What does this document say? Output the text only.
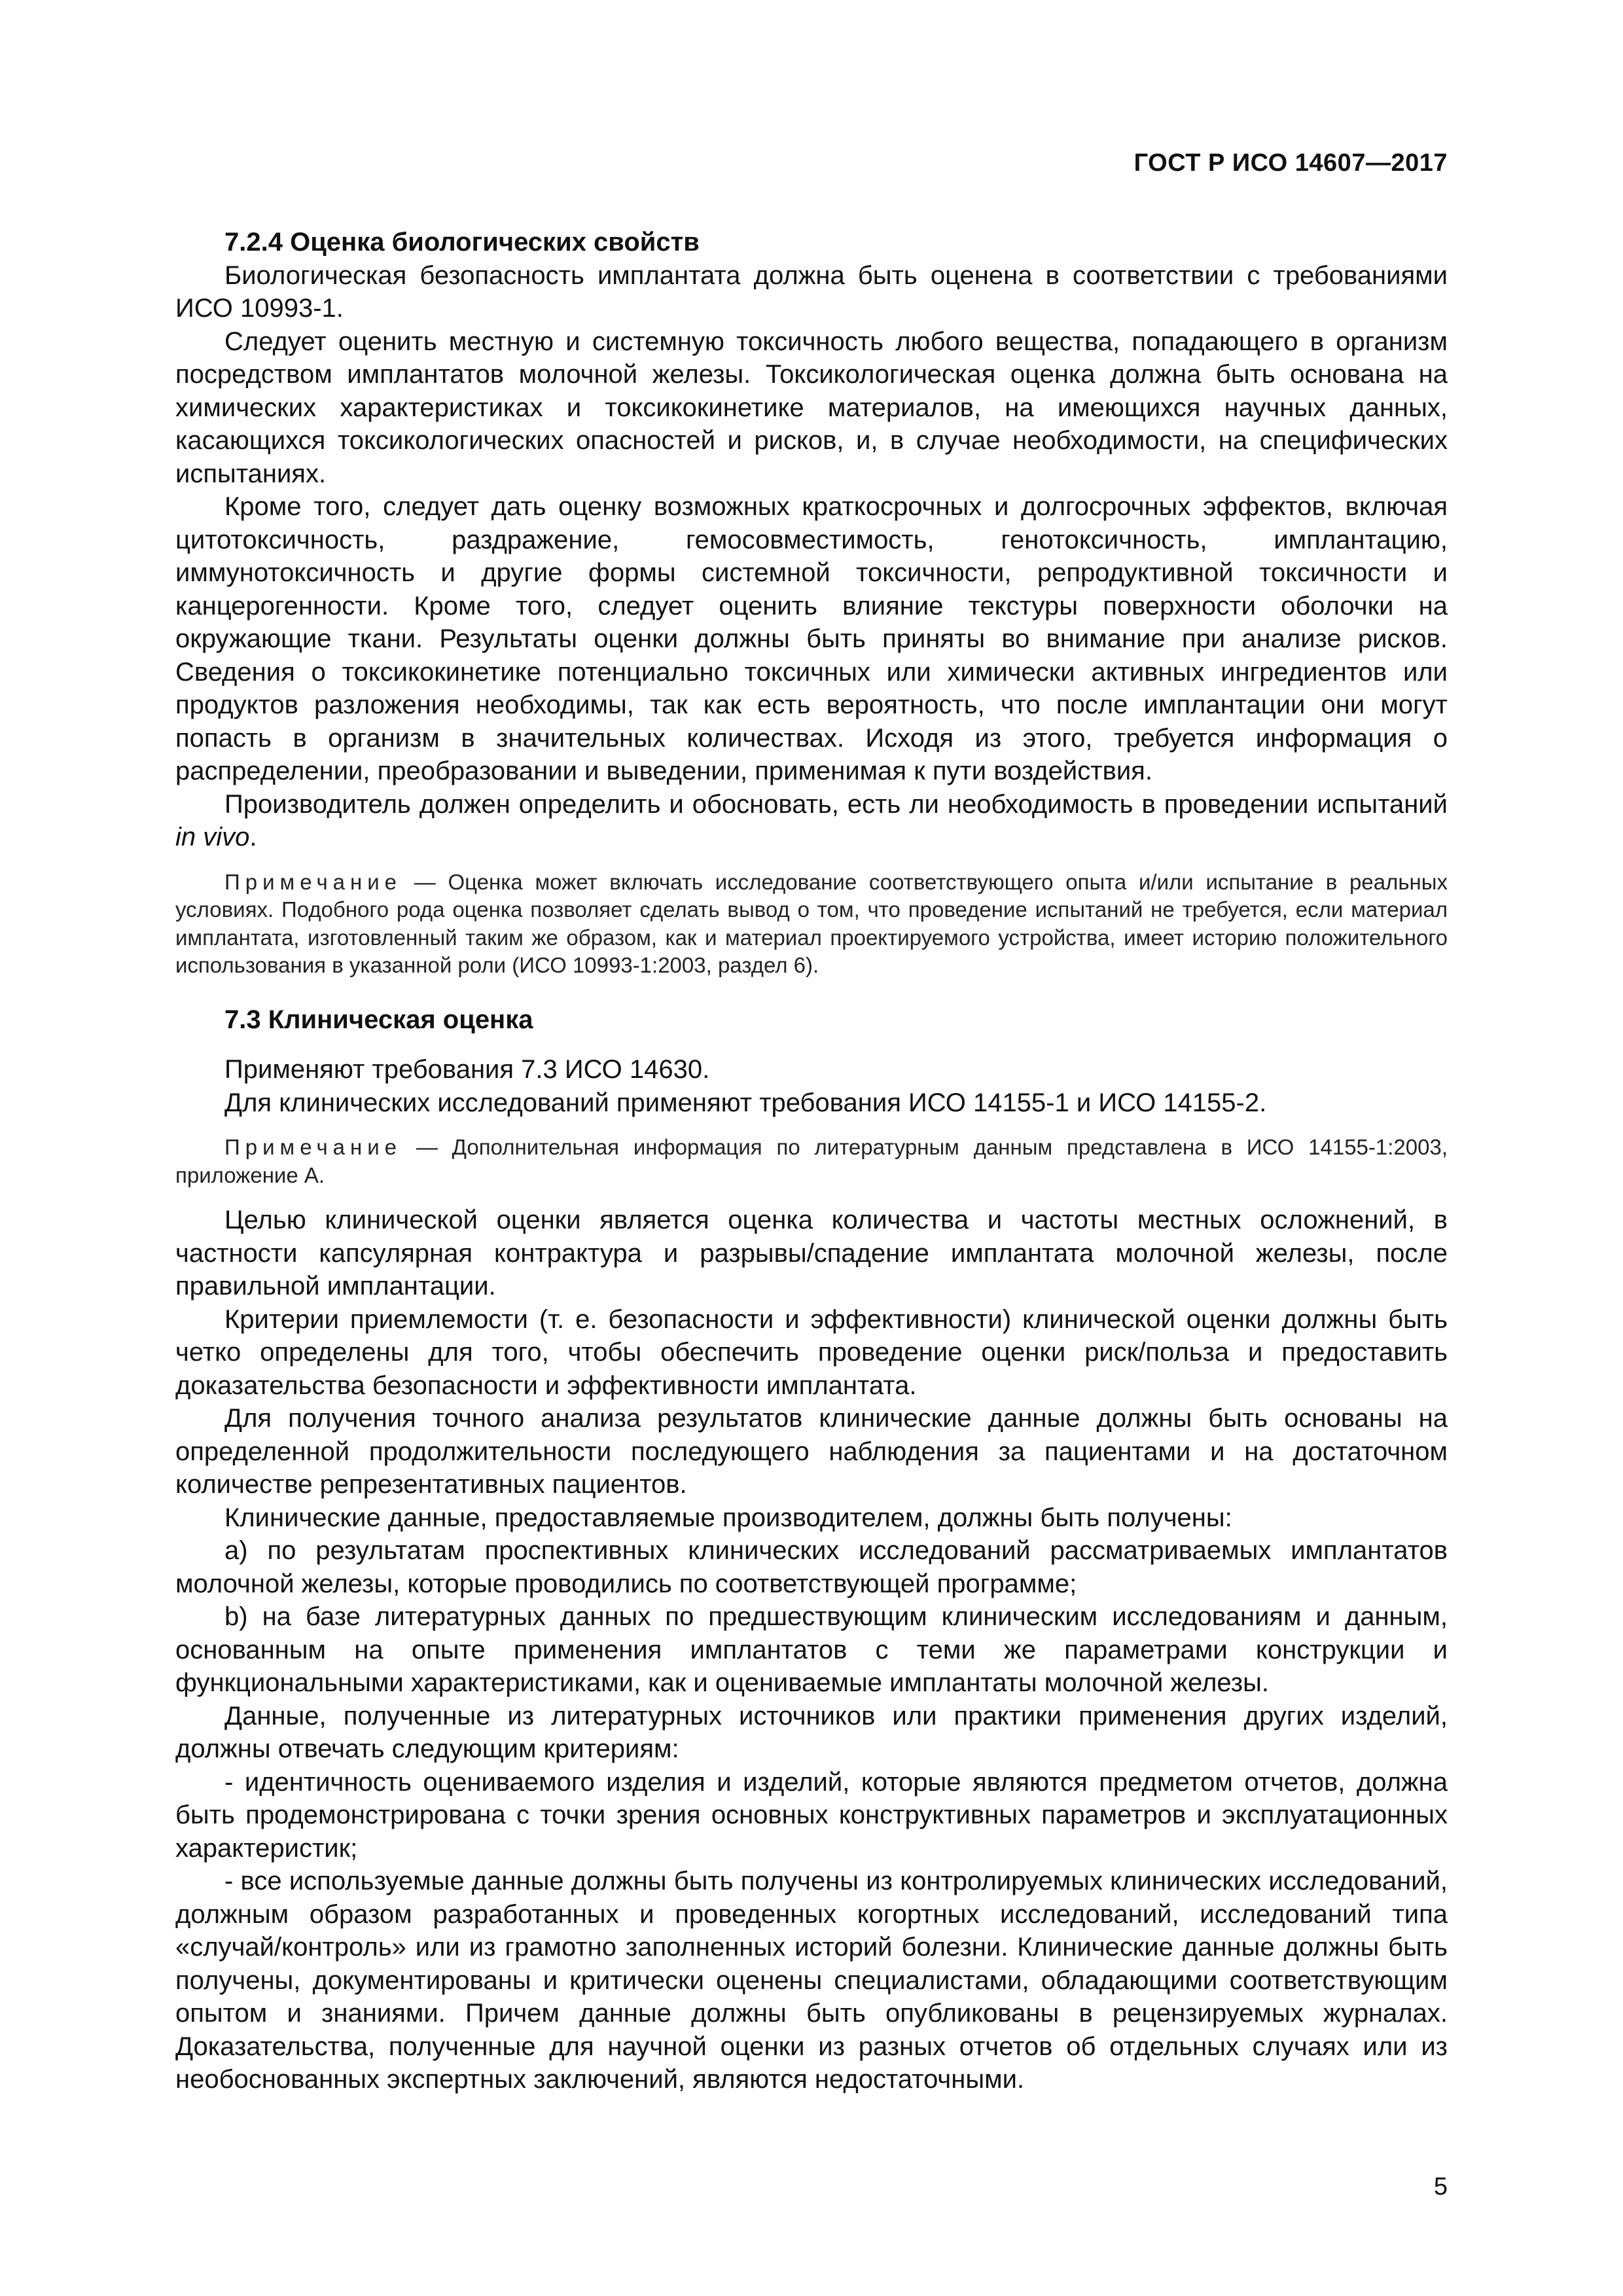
ГОСТ Р ИСО 14607—2017
7.2.4 Оценка биологических свойств

Биологическая безопасность имплантата должна быть оценена в соответствии с требованиями ИСО 10993-1.

Следует оценить местную и системную токсичность любого вещества, попадающего в организм посредством имплантатов молочной железы. Токсикологическая оценка должна быть основана на химических характеристиках и токсикокинетике материалов, на имеющихся научных данных, касающихся токсикологических опасностей и рисков, и, в случае необходимости, на специфических испытаниях.

Кроме того, следует дать оценку возможных краткосрочных и долгосрочных эффектов, включая цитотоксичность, раздражение, гемосовместимость, генотоксичность, имплантацию, иммунотоксичность и другие формы системной токсичности, репродуктивной токсичности и канцерогенности. Кроме того, следует оценить влияние текстуры поверхности оболочки на окружающие ткани. Результаты оценки должны быть приняты во внимание при анализе рисков. Сведения о токсикокинетике потенциально токсичных или химически активных ингредиентов или продуктов разложения необходимы, так как есть вероятность, что после имплантации они могут попасть в организм в значительных количествах. Исходя из этого, требуется информация о распределении, преобразовании и выведении, применимая к пути воздействия.

Производитель должен определить и обосновать, есть ли необходимость в проведении испытаний in vivo.

Примечание — Оценка может включать исследование соответствующего опыта и/или испытание в реальных условиях. Подобного рода оценка позволяет сделать вывод о том, что проведение испытаний не требуется, если материал имплантата, изготовленный таким же образом, как и материал проектируемого устройства, имеет историю положительного использования в указанной роли (ИСО 10993-1:2003, раздел 6).
7.3 Клиническая оценка

Применяют требования 7.3 ИСО 14630.

Для клинических исследований применяют требования ИСО 14155-1 и ИСО 14155-2.

Примечание — Дополнительная информация по литературным данным представлена в ИСО 14155-1:2003, приложение А.

Целью клинической оценки является оценка количества и частоты местных осложнений, в частности капсулярная контрактура и разрывы/спадение имплантата молочной железы, после правильной имплантации.

Критерии приемлемости (т. е. безопасности и эффективности) клинической оценки должны быть четко определены для того, чтобы обеспечить проведение оценки риск/польза и предоставить доказательства безопасности и эффективности имплантата.

Для получения точного анализа результатов клинические данные должны быть основаны на определенной продолжительности последующего наблюдения за пациентами и на достаточном количестве репрезентативных пациентов.

Клинические данные, предоставляемые производителем, должны быть получены:

a) по результатам проспективных клинических исследований рассматриваемых имплантатов молочной железы, которые проводились по соответствующей программе;

b) на базе литературных данных по предшествующим клиническим исследованиям и данным, основанным на опыте применения имплантатов с теми же параметрами конструкции и функциональными характеристиками, как и оцениваемые имплантаты молочной железы.

Данные, полученные из литературных источников или практики применения других изделий, должны отвечать следующим критериям:

- идентичность оцениваемого изделия и изделий, которые являются предметом отчетов, должна быть продемонстрирована с точки зрения основных конструктивных параметров и эксплуатационных характеристик;

- все используемые данные должны быть получены из контролируемых клинических исследований, должным образом разработанных и проведенных когортных исследований, исследований типа «случай/контроль» или из грамотно заполненных историй болезни. Клинические данные должны быть получены, документированы и критически оценены специалистами, обладающими соответствующим опытом и знаниями. Причем данные должны быть опубликованы в рецензируемых журналах. Доказательства, полученные для научной оценки из разных отчетов об отдельных случаях или из необоснованных экспертных заключений, являются недостаточными.

5
